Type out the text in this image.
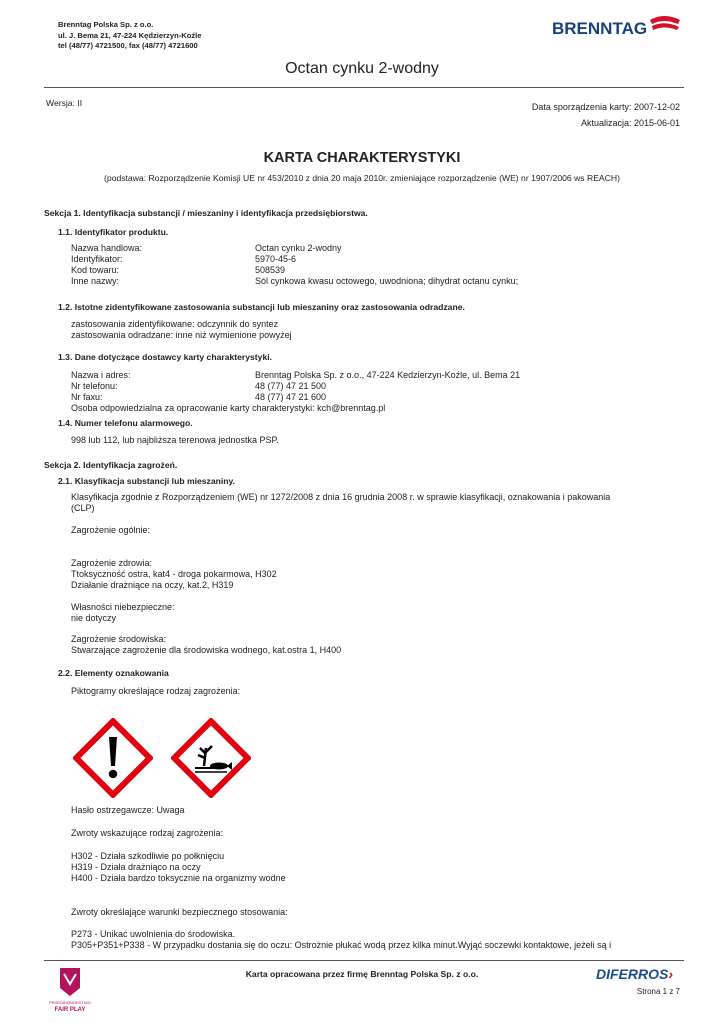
Brenntag Polska Sp. z o.o.
ul. J. Bema 21, 47-224 Kędzierzyn-Koźle
tel (48/77) 4721500, fax (48/77) 4721600
BRENNTAG
Octan cynku 2-wodny
Wersja: II	Data sporządzenia karty: 2007-12-02
Aktualizacja: 2015-06-01
KARTA CHARAKTERYSTYKI
(podstawa: Rozporządzenie Komisji UE nr 453/2010 z dnia 20 maja 2010r. zmieniające rozporządzenie (WE) nr 1907/2006 ws REACH)
Sekcja 1. Identyfikacja substancji / mieszaniny i identyfikacja przedsiębiorstwa.
1.1. Identyfikator produktu.
Nazwa handlowa:	Octan cynku 2-wodny
Identyfikator:	5970-45-6
Kod towaru:	508539
Inne nazwy:	Sól cynkowa kwasu octowego, uwodniona; dihydrat octanu cynku;
1.2. Istotne zidentyfikowane zastosowania substancji lub mieszaniny oraz zastosowania odradzane.
zastosowania zidentyfikowane: odczynnik do syntez
zastosowania odradzane: inne niż wymienione powyżej
1.3. Dane dotyczące dostawcy karty charakterystyki.
Nazwa i adres:	Brenntag Polska Sp. z o.o., 47-224 Kedzierzyn-Koźle, ul. Bema 21
Nr telefonu:	48 (77) 47 21 500
Nr faxu:	48 (77) 47 21 600
Osoba odpowiedzialna za opracowanie karty charakterystyki: kch@brenntag.pl
1.4. Numer telefonu alarmowego.
998 lub 112, lub najbliższa terenowa jednostka PSP.
Sekcja 2. Identyfikacja zagrożeń.
2.1. Klasyfikacja substancji lub mieszaniny.
Klasyfikacja zgodnie z Rozporządzeniem (WE) nr 1272/2008 z dnia 16 grudnia 2008 r. w sprawie klasyfikacji, oznakowania i pakowania
(CLP)
Zagrożenie ogólnie:
Zagrożenie zdrowia:
Ttoksyczność ostra, kat4 - droga pokarmowa, H302
Działanie drażniące na oczy, kat.2, H319
Własności niebezpieczne:
nie dotyczy
Zagrożenie środowiska:
Stwarzające zagrożenie dla środowiska wodnego, kat.ostra 1, H400
2.2. Elementy oznakowania
Piktogramy określające rodzaj zagrożenia:
Hasło ostrzegawcze: Uwaga
Zwroty wskazujące rodzaj zagrożenia:
H302 - Działa szkodliwie po połknięciu
H319 - Działa drażniąco na oczy
H400 - Działa bardzo toksycznie na organizmy wodne
Zwroty określające warunki bezpiecznego stosowania:
P273 - Unikać uwolnienia do środowiska.
P305+P351+P338 - W przypadku dostania się do oczu: Ostrożnie płukać wodą przez kilka minut.Wyjąć soczewki kontaktowe, jeżeli są i
PRZEDSIĘBIORSTWO
FAIR PLAY
Karta opracowana przez firmę Brenntag Polska Sp. z o.o.	DIFERROS›
Strona 1 z 7
